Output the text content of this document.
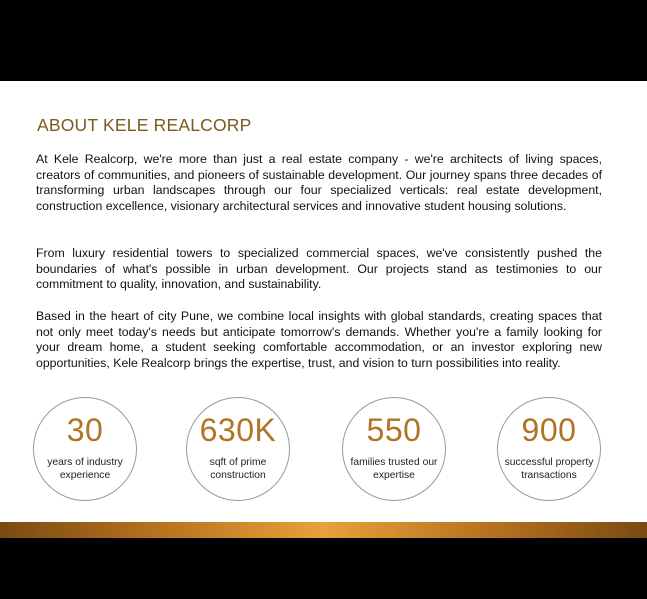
ABOUT KELE REALCORP

At Kele Realcorp, we're more than just a real estate company - we're architects of living spaces, creators of communities, and pioneers of sustainable development. Our journey spans three decades of transforming urban landscapes through our four specialized verticals: real estate development, construction excellence, visionary architectural services and innovative student housing solutions.

From luxury residential towers to specialized commercial spaces, we've consistently pushed the boundaries of what's possible in urban development. Our projects stand as testimonies to our commitment to quality, innovation, and sustainability.

Based in the heart of city Pune, we combine local insights with global standards, creating spaces that not only meet today's needs but anticipate tomorrow's demands. Whether you're a family looking for your dream home, a student seeking comfortable accommodation, or an investor exploring new opportunities, Kele Realcorp brings the expertise, trust, and vision to turn possibilities into reality.

30
years of industry
experience
630K
sqft of prime
construction
550
families trusted our
expertise
900
successful property
transactions
